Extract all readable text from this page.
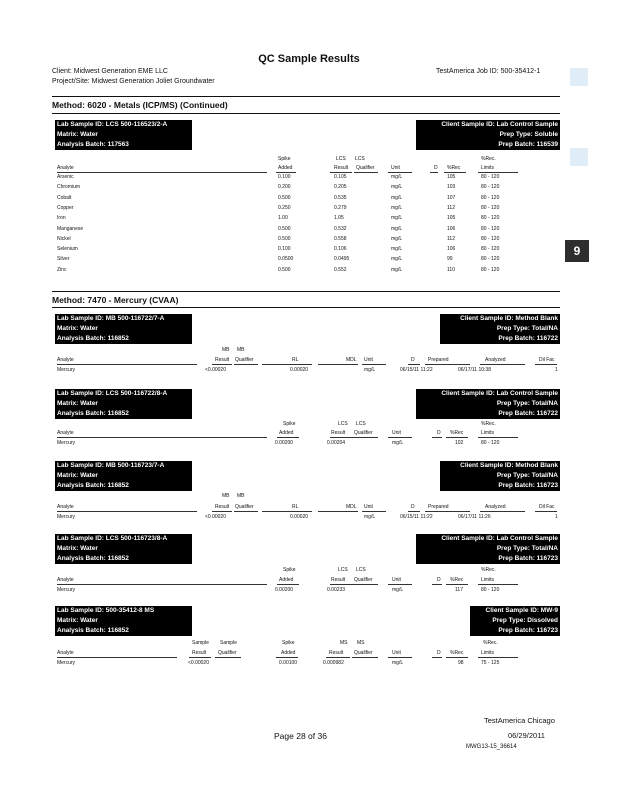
9
QC Sample Results
Client: Midwest Generation EME LLC	TestAmerica Job ID: 500-35412-1
Project/Site: Midwest Generation Joliet Groundwater
Method: 6020 - Metals (ICP/MS) (Continued)
Lab Sample ID: LCS 500-116523/2-A	Client Sample ID: Lab Control Sample
Matrix: Water	Prep Type: Soluble
Analysis Batch: 117563	Prep Batch: 116539
Spike	LCS LCS	%Rec.
Analyte	Added	Result Qualifier	Unit	D %Rec	Limits
Arsenic	0.100	0.105	mg/L	105	80 - 120
Chromium	0.200	0.205	mg/L	103	80 - 120
Cobalt	0.500	0.535	mg/L	107	80 - 120
Copper	0.250	0.279	mg/L	112	80 - 120
Iron	1.00	1.05	mg/L	105	80 - 120
Manganese	0.500	0.532	mg/L	106	80 - 120
Nickel	0.500	0.558	mg/L	112	80 - 120
Selenium	0.100	0.106	mg/L	106	80 - 120
Silver	0.0500	0.0495	mg/L	99	80 - 120
Zinc	0.500	0.552	mg/L	110	80 - 120
Lab Sample ID: MB 500-116722/7-A	Client Sample ID: Method Blank
Matrix: Water	Prep Type: Total/NA
Analysis Batch: 116852	Prep Batch: 116722
MB MB
Analyte	Result Qualifier	RL	MDL Unit	D	Prepared	Analyzed	Dil Fac
Mercury	<0.00020	0.00020	mg/L	06/15/11 11:22	06/17/11 10:38	1
Lab Sample ID: LCS 500-116722/8-A	Client Sample ID: Lab Control Sample
Matrix: Water	Prep Type: Total/NA
Analysis Batch: 116852	Prep Batch: 116722
Spike	LCS LCS	%Rec.
Analyte	Added	Result Qualifier	Unit	D %Rec	Limits
Mercury	0.00200	0.00204	mg/L	102	80 - 120
Lab Sample ID: MB 500-116723/7-A	Client Sample ID: Method Blank
Matrix: Water	Prep Type: Total/NA
Analysis Batch: 116852	Prep Batch: 116723
MB MB
Analyte	Result Qualifier	RL	MDL Unit	D	Prepared	Analyzed	Dil Fac
Mercury	<0.00020	0.00020	mg/L	06/15/11 11:22	06/17/11 11:26	1
Lab Sample ID: LCS 500-116723/8-A	Client Sample ID: Lab Control Sample
Matrix: Water	Prep Type: Total/NA
Analysis Batch: 116852	Prep Batch: 116723
Spike	LCS LCS	%Rec.
Analyte	Added	Result Qualifier	Unit	D %Rec	Limits
Mercury	0.00200	0.00233	mg/L	117	80 - 120
Lab Sample ID: 500-35412-8 MS	Client Sample ID: MW-9
Matrix: Water	Prep Type: Dissolved
Analysis Batch: 116852	Prep Batch: 116723
Sample Sample	Spike	MS MS	%Rec.
Analyte	Result Qualifier	Added	Result Qualifier	Unit	D %Rec	Limits
Mercury	<0.00020	0.00100	0.000982	mg/L	98	75 - 125
Method: 7470 - Mercury (CVAA)
TestAmerica Chicago
Page 28 of 36	06/29/2011
MWG13-15_36614
